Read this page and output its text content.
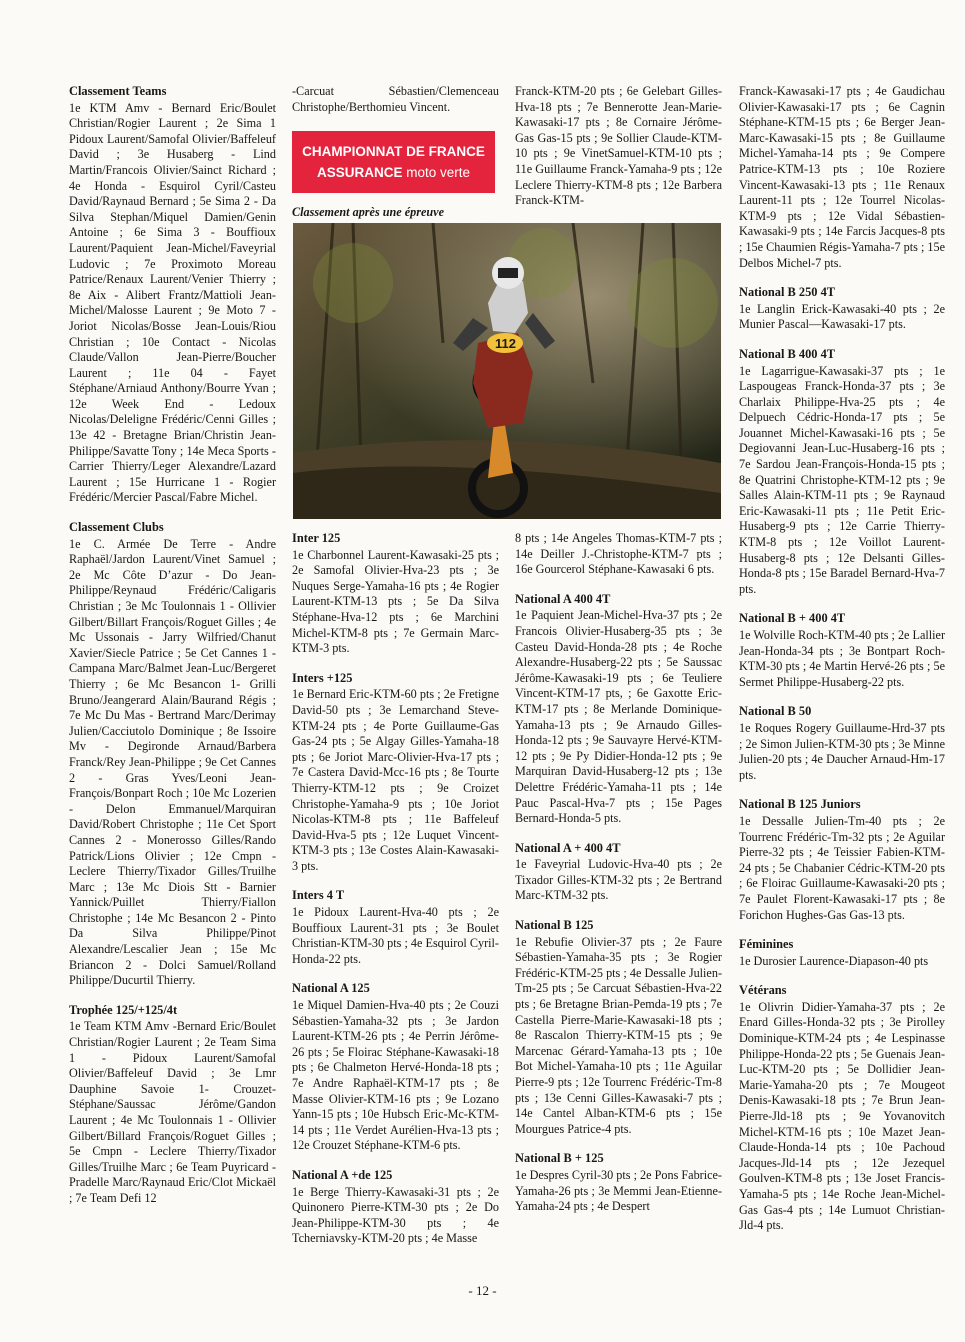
Classement Teams

1e KTM Amv - Bernard Eric/Boulet Christian/Rogier Laurent ; 2e Sima 1 Pidoux Laurent/Samofal Olivier/Baffeleuf David ; 3e Husaberg - Lind Martin/Francois Olivier/Sainct Richard ; 4e Honda - Esquirol Cyril/Casteu David/Raynaud Bernard ; 5e Sima 2 - Da Silva Stephan/Miquel Damien/Genin Antoine ; 6e Sima 3 - Bouffioux Laurent/Paquient Jean-Michel/Faveyrial Ludovic ; 7e Proximoto Moreau Patrice/Renaux Laurent/Venier Thierry ; 8e Aix - Alibert Frantz/Mattioli Jean-Michel/Malosse Laurent ; 9e Moto 7 - Joriot Nicolas/Bosse Jean-Louis/Riou Christian ; 10e Contact - Nicolas Claude/Vallon Jean-Pierre/Boucher Laurent ; 11e 04 - Fayet Stéphane/Arniaud Anthony/Bourre Yvan ; 12e Week End - Ledoux Nicolas/Deleligne Frédéric/Cenni Gilles ; 13e 42 - Bretagne Brian/Christin Jean-Philippe/Savatte Tony ; 14e Meca Sports - Carrier Thierry/Leger Alexandre/Lazard Laurent ; 15e Hurricane 1 - Rogier Frédéric/Mercier Pascal/Fabre Michel.

Classement Clubs

1e C. Armée De Terre - Andre Raphaël/Jardon Laurent/Vinet Samuel ; 2e Mc Côte D’azur - Do Jean-Philippe/Reynaud Frédéric/Caligaris Christian ; 3e Mc Toulonnais 1 - Ollivier Gilbert/Billart François/Roguet Gilles ; 4e Mc Ussonais - Jarry Wilfried/Chanut Xavier/Siecle Patrice ; 5e Cet Cannes 1 - Campana Marc/Balmet Jean-Luc/Bergeret Thierry ; 6e Mc Besancon 1- Grilli Bruno/Jeangerard Alain/Baurand Régis ; 7e Mc Du Mas - Bertrand Marc/Derimay Julien/Cacciutolo Dominique ; 8e Issoire Mv - Degironde Arnaud/Barbera Franck/Rey Jean-Philippe ; 9e Cet Cannes 2 - Gras Yves/Leoni Jean-François/Bonpart Roch ; 10e Mc Lozerien - Delon Emmanuel/Marquiran David/Robert Christophe ; 11e Cet Sport Cannes 2 - Monerosso Gilles/Rando Patrick/Lions Olivier ; 12e Cmpn - Leclere Thierry/Tixador Gilles/Truilhe Marc ; 13e Mc Diois Stt - Barnier Yannick/Puillet Thierry/Fiallon Christophe ; 14e Mc Besancon 2 - Pinto Da Silva Philippe/Pinot Alexandre/Lescalier Jean ; 15e Mc Briancon 2 - Dolci Samuel/Rolland Philippe/Ducurtil Thierry.

Trophée 125/+125/4t

1e Team KTM Amv -Bernard Eric/Boulet Christian/Rogier Laurent ; 2e Team Sima 1 - Pidoux Laurent/Samofal Olivier/Baffeleuf David ; 3e Lmr Dauphine Savoie 1- Crouzet-Stéphane/Saussac Jérôme/Gandon Laurent ; 4e Mc Toulonnais 1 - Ollivier Gilbert/Billard François/Roguet Gilles ; 5e Cmpn - Leclere Thierry/Tixador Gilles/Truilhe Marc ; 6e Team Puyricard - Pradelle Marc/Raynaud Eric/Clot Mickaël ; 7e Team Defi 12

-Carcuat Sébastien/Clemenceau Christophe/Berthomieu Vincent.

CHAMPIONNAT DE FRANCE
ASSURANCE moto verte

Classement après une épreuve

112
Inter 125

1e Charbonnel Laurent-Kawasaki-25 pts ; 2e Samofal Olivier-Hva-23 pts ; 3e Nuques Serge-Yamaha-16 pts ; 4e Rogier Laurent-KTM-13 pts ; 5e Da Silva Stéphane-Hva-12 pts ; 6e Marchini Michel-KTM-8 pts ; 7e Germain Marc-KTM-3 pts.

Inters +125

1e Bernard Eric-KTM-60 pts ; 2e Fretigne David-50 pts ; 3e Lemarchand Steve-KTM-24 pts ; 4e Porte Guillaume-Gas Gas-24 pts ; 5e Algay Gilles-Yamaha-18 pts ; 6e Joriot Marc-Olivier-Hva-17 pts ; 7e Castera David-Mcc-16 pts ; 8e Tourte Thierry-KTM-12 pts ; 9e Croizet Christophe-Yamaha-9 pts ; 10e Joriot Nicolas-KTM-8 pts ; 11e Baffeleuf David-Hva-5 pts ; 12e Luquet Vincent-KTM-3 pts ; 13e Costes Alain-Kawasaki-3 pts.

Inters 4 T

1e Pidoux Laurent-Hva-40 pts ; 2e Bouffioux Laurent-31 pts ; 3e Boulet Christian-KTM-30 pts ; 4e Esquirol Cyril-Honda-22 pts.

National A 125

1e Miquel Damien-Hva-40 pts ; 2e Couzi Sébastien-Yamaha-32 pts ; 3e Jardon Laurent-KTM-26 pts ; 4e Perrin Jérôme-26 pts ; 5e Floirac Stéphane-Kawasaki-18 pts ; 6e Chalmeton Hervé-Honda-18 pts ; 7e Andre Raphaël-KTM-17 pts ; 8e Masse Olivier-KTM-16 pts ; 9e Lozano Yann-15 pts ; 10e Hubsch Eric-Mc-KTM-14 pts ; 11e Verdet Aurélien-Hva-13 pts ; 12e Crouzet Stéphane-KTM-6 pts.

National A +de 125

1e Berge Thierry-Kawasaki-31 pts ; 2e Quinonero Pierre-KTM-30 pts ; 2e Do Jean-Philippe-KTM-30 pts ; 4e Tcherniavsky-KTM-20 pts ; 4e Masse

Franck-KTM-20 pts ; 6e Gelebart Gilles-Hva-18 pts ; 7e Bennerotte Jean-Marie-Kawasaki-17 pts ; 8e Cornaire Jérôme-Gas Gas-15 pts ; 9e Sollier Claude-KTM-10 pts ; 9e VinetSamuel-KTM-10 pts ; 11e Guillaume Franck-Yamaha-9 pts ; 12e Leclere Thierry-KTM-8 pts ; 12e Barbera Franck-KTM-

8 pts ; 14e Angeles Thomas-KTM-7 pts ; 14e Deiller J.-Christophe-KTM-7 pts ; 16e Gourcerol Stéphane-Kawasaki 6 pts.

National A 400 4T

1e Paquient Jean-Michel-Hva-37 pts ; 2e Francois Olivier-Husaberg-35 pts ; 3e Casteu David-Honda-28 pts ; 4e Roche Alexandre-Husaberg-22 pts ; 5e Saussac Jérôme-Kawasaki-19 pts ; 6e Teuliere Vincent-KTM-17 pts, ; 6e Gaxotte Eric-KTM-17 pts ; 8e Merlande Dominique-Yamaha-13 pts ; 9e Arnaudo Gilles-Honda-12 pts ; 9e Sauvayre Hervé-KTM-12 pts ; 9e Py Didier-Honda-12 pts ; 9e Marquiran David-Husaberg-12 pts ; 13e Delettre Frédéric-Yamaha-11 pts ; 14e Pauc Pascal-Hva-7 pts ; 15e Pages Bernard-Honda-5 pts.

National A + 400 4T

1e Faveyrial Ludovic-Hva-40 pts ; 2e Tixador Gilles-KTM-32 pts ; 2e Bertrand Marc-KTM-32 pts.

National B 125

1e Rebufie Olivier-37 pts ; 2e Faure Sébastien-Yamaha-35 pts ; 3e Rogier Frédéric-KTM-25 pts ; 4e Dessalle Julien-Tm-25 pts ; 5e Carcuat Sébastien-Hva-22 pts ; 6e Bretagne Brian-Pemda-19 pts ; 7e Castella Pierre-Marie-Kawasaki-18 pts ; 8e Rascalon Thierry-KTM-15 pts ; 9e Marcenac Gérard-Yamaha-13 pts ; 10e Bot Michel-Yamaha-10 pts ; 11e Aguilar Pierre-9 pts ; 12e Tourrenc Frédéric-Tm-8 pts ; 13e Cenni Gilles-Kawasaki-7 pts ; 14e Cantel Alban-KTM-6 pts ; 15e Mourgues Patrice-4 pts.

National B + 125

1e Despres Cyril-30 pts ; 2e Pons Fabrice-Yamaha-26 pts ; 3e Memmi Jean-Etienne-Yamaha-24 pts ; 4e Despert

Franck-Kawasaki-17 pts ; 4e Gaudichau Olivier-Kawasaki-17 pts ; 6e Cagnin Stéphane-KTM-15 pts ; 6e Berger Jean-Marc-Kawasaki-15 pts ; 8e Guillaume Michel-Yamaha-14 pts ; 9e Compere Patrice-KTM-13 pts ; 10e Roziere Vincent-Kawasaki-13 pts ; 11e Renaux Laurent-11 pts ; 12e Tourrel Nicolas-KTM-9 pts ; 12e Vidal Sébastien-Kawasaki-9 pts ; 14e Farcis Jacques-8 pts ; 15e Chaumien Régis-Yamaha-7 pts ; 15e Delbos Michel-7 pts.

National B 250 4T

1e Langlin Erick-Kawasaki-40 pts ; 2e Munier Pascal—Kawasaki-17 pts.

National B 400 4T

1e Lagarrigue-Kawasaki-37 pts ; 1e Laspougeas Franck-Honda-37 pts ; 3e Charlaix Philippe-Hva-25 pts ; 4e Delpuech Cédric-Honda-17 pts ; 5e Jouannet Michel-Kawasaki-16 pts ; 5e Degiovanni Jean-Luc-Husaberg-16 pts ; 7e Sardou Jean-François-Honda-15 pts ; 8e Quatrini Christophe-KTM-12 pts ; 9e Salles Alain-KTM-11 pts ; 9e Raynaud Eric-Kawasaki-11 pts ; 11e Petit Eric-Husaberg-9 pts ; 12e Carrie Thierry-KTM-8 pts ; 12e Voillot Laurent-Husaberg-8 pts ; 12e Delsanti Gilles-Honda-8 pts ; 15e Baradel Bernard-Hva-7 pts.

National B + 400 4T

1e Wolville Roch-KTM-40 pts ; 2e Lallier Jean-Honda-34 pts ; 3e Bontpart Roch-KTM-30 pts ; 4e Martin Hervé-26 pts ; 5e Sermet Philippe-Husaberg-22 pts.

National B 50

1e Roques Rogery Guillaume-Hrd-37 pts ; 2e Simon Julien-KTM-30 pts ; 3e Minne Julien-20 pts ; 4e Daucher Arnaud-Hm-17 pts.

National B 125 Juniors

1e Dessalle Julien-Tm-40 pts ; 2e Tourrenc Frédéric-Tm-32 pts ; 2e Aguilar Pierre-32 pts ; 4e Teissier Fabien-KTM-24 pts ; 5e Chabanier Cédric-KTM-20 pts ; 6e Floirac Guillaume-Kawasaki-20 pts ; 7e Paulet Florent-Kawasaki-17 pts ; 8e Forichon Hughes-Gas Gas-13 pts.

Féminines

1e Durosier Laurence-Diapason-40 pts

Vétérans

1e Olivrin Didier-Yamaha-37 pts ; 2e Enard Gilles-Honda-32 pts ; 3e Pirolley Dominique-KTM-24 pts ; 4e Lespinasse Philippe-Honda-22 pts ; 5e Guenais Jean-Luc-KTM-20 pts ; 5e Dollidier Jean-Marie-Yamaha-20 pts ; 7e Mougeot Denis-Kawasaki-18 pts ; 7e Brun Jean-Pierre-Jld-18 pts ; 9e Yovanovitch Michel-KTM-16 pts ; 10e Mazet Jean-Claude-Honda-14 pts ; 10e Pachoud Jacques-Jld-14 pts ; 12e Jezequel Goulven-KTM-8 pts ; 13e Joset Francis-Yamaha-5 pts ; 14e Roche Jean-Michel-Gas Gas-4 pts ; 14e Lumuot Christian-Jld-4 pts.

- 12 -
